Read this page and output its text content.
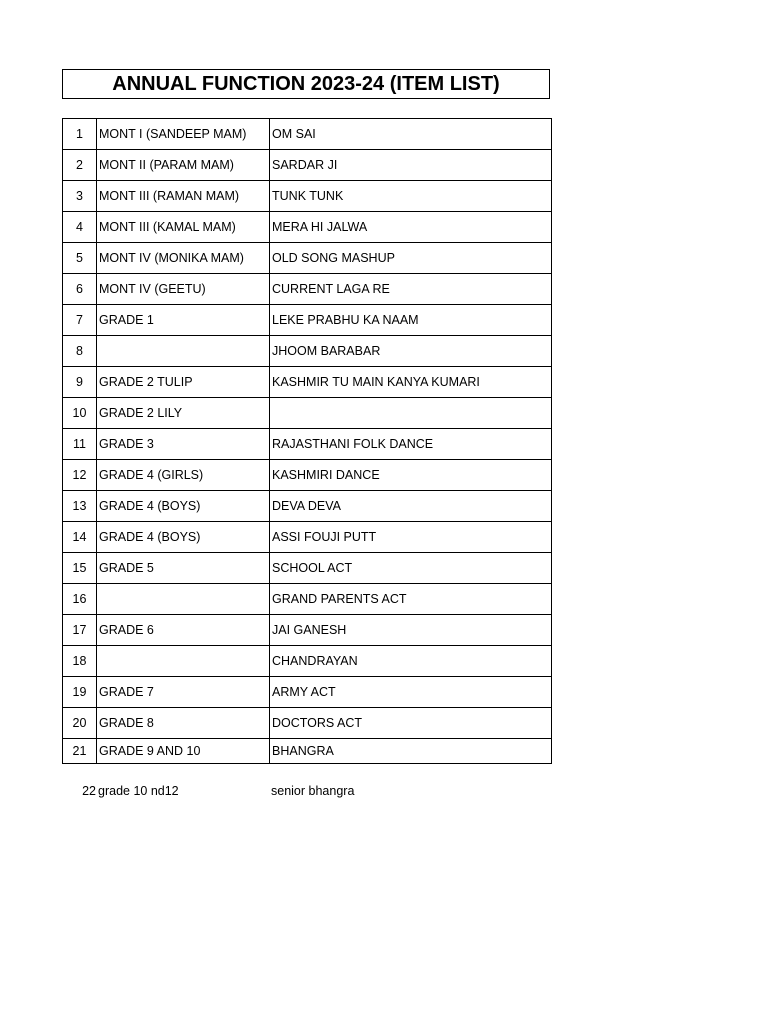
ANNUAL FUNCTION 2023-24 (ITEM LIST)
1	MONT I (SANDEEP MAM)	OM SAI
2	MONT II (PARAM MAM)	SARDAR JI
3	MONT III (RAMAN MAM)	TUNK TUNK
4	MONT III (KAMAL MAM)	MERA HI JALWA
5	MONT IV (MONIKA MAM)	OLD SONG MASHUP
6	MONT IV (GEETU)	CURRENT LAGA RE
7	GRADE 1	LEKE PRABHU KA NAAM
8		JHOOM BARABAR
9	GRADE 2 TULIP	KASHMIR TU MAIN KANYA KUMARI
10	GRADE 2 LILY	
11	GRADE 3	RAJASTHANI FOLK DANCE
12	GRADE 4 (GIRLS)	KASHMIRI DANCE
13	GRADE 4 (BOYS)	DEVA DEVA
14	GRADE 4 (BOYS)	ASSI FOUJI PUTT
15	GRADE 5	SCHOOL ACT
16		GRAND PARENTS ACT
17	GRADE 6	JAI GANESH
18		CHANDRAYAN
19	GRADE 7	ARMY ACT
20	GRADE 8	DOCTORS ACT
21	GRADE 9 AND 10	BHANGRA
22 grade 10 nd12	senior bhangra
